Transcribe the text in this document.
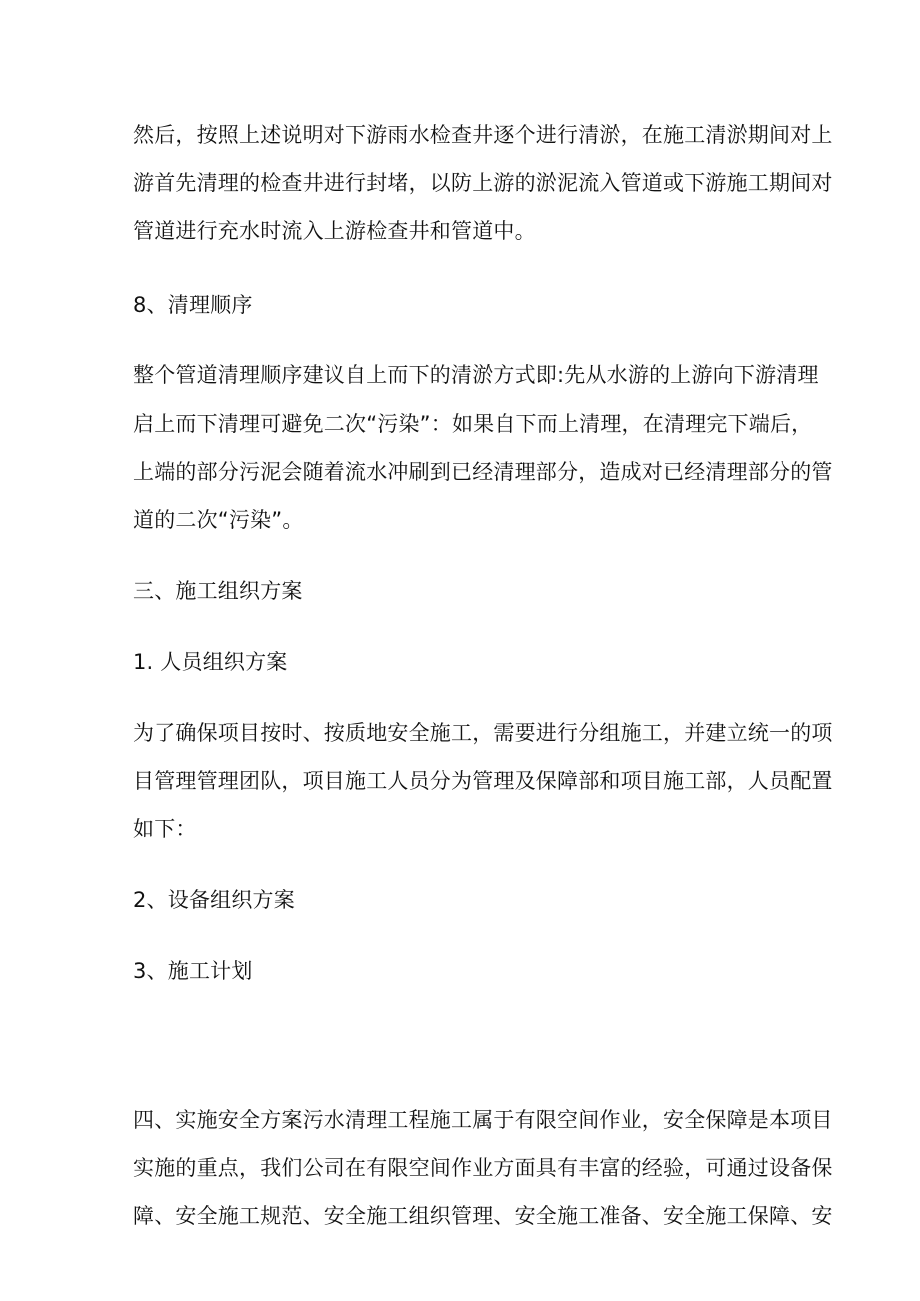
然后，按照上述说明对下游雨水检查井逐个进行清淤，在施工清淤期间对上
游首先清理的检查井进行封堵，以防上游的淤泥流入管道或下游施工期间对
管道进行充水时流入上游检查井和管道中。
8、清理顺序
整个管道清理顺序建议自上而下的清淤方式即:先从水游的上游向下游清理
启上而下清理可避免二次“污染”：如果自下而上清理，在清理完下端后，
上端的部分污泥会随着流水冲刷到已经清理部分，造成对已经清理部分的管
道的二次“污染”。
三、施工组织方案
1. 人员组织方案
为了确保项目按时、按质地安全施工，需要进行分组施工，并建立统一的项
目管理管理团队，项目施工人员分为管理及保障部和项目施工部，人员配置
如下：
2、设备组织方案
3、施工计划
四、实施安全方案污水清理工程施工属于有限空间作业，安全保障是本项目
实施的重点，我们公司在有限空间作业方面具有丰富的经验，可通过设备保
障、安全施工规范、安全施工组织管理、安全施工准备、安全施工保障、安
